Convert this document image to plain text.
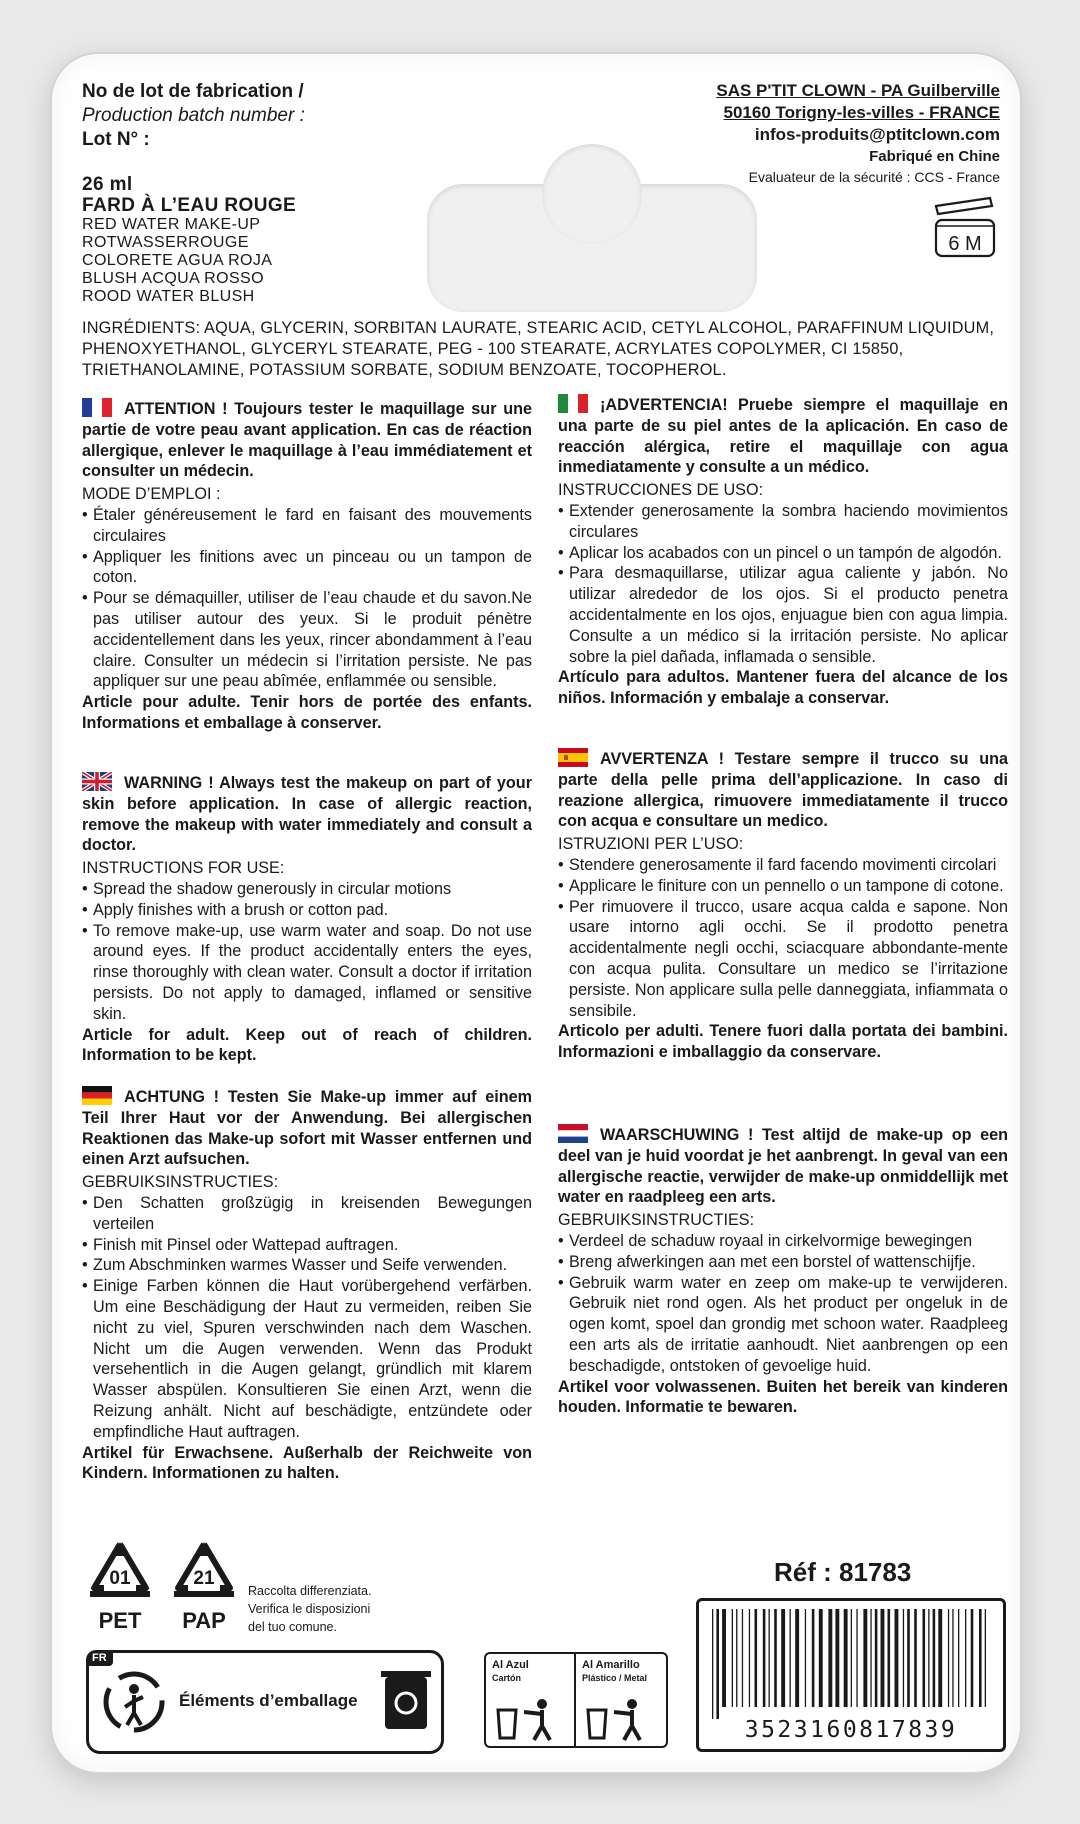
No de lot de fabrication /
Production batch number :
Lot N° :
26 ml
FARD À L’EAU ROUGE
RED WATER MAKE-UP
ROTWASSERROUGE
COLORETE AGUA ROJA
BLUSH ACQUA ROSSO
ROOD WATER BLUSH
SAS P'TIT CLOWN - PA Guilberville
50160 Torigny-les-villes - FRANCE
infos-produits@ptitclown.com
Fabriqué en Chine
Evaluateur de la sécurité : CCS - France
6 M
INGRÉDIENTS: AQUA, GLYCERIN, SORBITAN LAURATE, STEARIC ACID, CETYL ALCOHOL, PARAFFINUM LIQUIDUM, PHENOXYETHANOL, GLYCERYL STEARATE, PEG - 100 STEARATE, ACRYLATES COPOLYMER, CI 15850, TRIETHANOLAMINE, POTASSIUM SORBATE, SODIUM BENZOATE, TOCOPHEROL.

ATTENTION ! Toujours tester le maquillage sur une partie de votre peau avant application. En cas de réaction allergique, enlever le maquillage à l’eau immédiatement et consulter un médecin.

MODE D’EMPLOI :

• Étaler généreusement le fard en faisant des mouvements circulaires
• Appliquer les finitions avec un pinceau ou un tampon de coton.
• Pour se démaquiller, utiliser de l’eau chaude et du savon.Ne pas utiliser autour des yeux. Si le produit pénètre accidentellement dans les yeux, rincer abondamment à l’eau claire. Consulter un médecin si l’irritation persiste. Ne pas appliquer sur une peau abîmée, enflammée ou sensible.

Article pour adulte. Tenir hors de portée des enfants. Informations et emballage à conserver.

WARNING ! Always test the makeup on part of your skin before application. In case of allergic reaction, remove the makeup with water immediately and consult a doctor.

INSTRUCTIONS FOR USE:

• Spread the shadow generously in circular motions
• Apply finishes with a brush or cotton pad.
• To remove make-up, use warm water and soap. Do not use around eyes. If the product accidentally enters the eyes, rinse thoroughly with clean water. Consult a doctor if irritation persists. Do not apply to damaged, inflamed or sensitive skin.

Article for adult. Keep out of reach of children. Information to be kept.

ACHTUNG ! Testen Sie Make-up immer auf einem Teil Ihrer Haut vor der Anwendung. Bei allergischen Reaktionen das Make-up sofort mit Wasser entfernen und einen Arzt aufsuchen.

GEBRUIKSINSTRUCTIES:

• Den Schatten großzügig in kreisenden Bewegungen verteilen
• Finish mit Pinsel oder Wattepad auftragen.
• Zum Abschminken warmes Wasser und Seife verwenden.
• Einige Farben können die Haut vorübergehend verfärben. Um eine Beschädigung der Haut zu vermeiden, reiben Sie nicht zu viel, Spuren verschwinden nach dem Waschen. Nicht um die Augen verwenden. Wenn das Produkt versehentlich in die Augen gelangt, gründlich mit klarem Wasser abspülen. Konsultieren Sie einen Arzt, wenn die Reizung anhält. Nicht auf beschädigte, entzündete oder empfindliche Haut auftragen.

Artikel für Erwachsene. Außerhalb der Reichweite von Kindern. Informationen zu halten.

¡ADVERTENCIA! Pruebe siempre el maquillaje en una parte de su piel antes de la aplicación. En caso de reacción alérgica, retire el maquillaje con agua inmediatamente y consulte a un médico.

INSTRUCCIONES DE USO:

• Extender generosamente la sombra haciendo movimientos circulares
• Aplicar los acabados con un pincel o un tampón de algodón.
• Para desmaquillarse, utilizar agua caliente y jabón. No utilizar alrededor de los ojos. Si el producto penetra accidentalmente en los ojos, enjuague bien con agua limpia. Consulte a un médico si la irritación persiste. No aplicar sobre la piel dañada, inflamada o sensible.

Artículo para adultos. Mantener fuera del alcance de los niños. Información y embalaje a conservar.

AVVERTENZA ! Testare sempre il trucco su una parte della pelle prima dell’applicazione. In caso di reazione allergica, rimuovere immediatamente il trucco con acqua e consultare un medico.

ISTRUZIONI PER L’USO:

• Stendere generosamente il fard facendo movimenti circolari
• Applicare le finiture con un pennello o un tampone di cotone.
• Per rimuovere il trucco, usare acqua calda e sapone. Non usare intorno agli occhi. Se il prodotto penetra accidentalmente negli occhi, sciacquare abbondante-mente con acqua pulita. Consultare un medico se l’irritazione persiste. Non applicare sulla pelle danneggiata, infiammata o sensibile.

Articolo per adulti. Tenere fuori dalla portata dei bambini. Informazioni e imballaggio da conservare.

WAARSCHUWING ! Test altijd de make-up op een deel van je huid voordat je het aanbrengt. In geval van een allergische reactie, verwijder de make-up onmiddellijk met water en raadpleeg een arts.

GEBRUIKSINSTRUCTIES:

• Verdeel de schaduw royaal in cirkelvormige bewegingen
• Breng afwerkingen aan met een borstel of wattenschijfje.
• Gebruik warm water en zeep om make-up te verwijderen. Gebruik niet rond ogen. Als het product per ongeluk in de ogen komt, spoel dan grondig met schoon water. Raadpleeg een arts als de irritatie aanhoudt. Niet aanbrengen op een beschadigde, ontstoken of gevoelige huid.

Artikel voor volwassenen. Buiten het bereik van kinderen houden. Informatie te bewaren.

01
PET
21
PAP
Raccolta differenziata.
Verifica le disposizioni
del tuo comune.
Réf : 81783
3523160817839
FR
Éléments d’emballage
Al Azul
Cartón
Al Amarillo
Plástico / Metal
